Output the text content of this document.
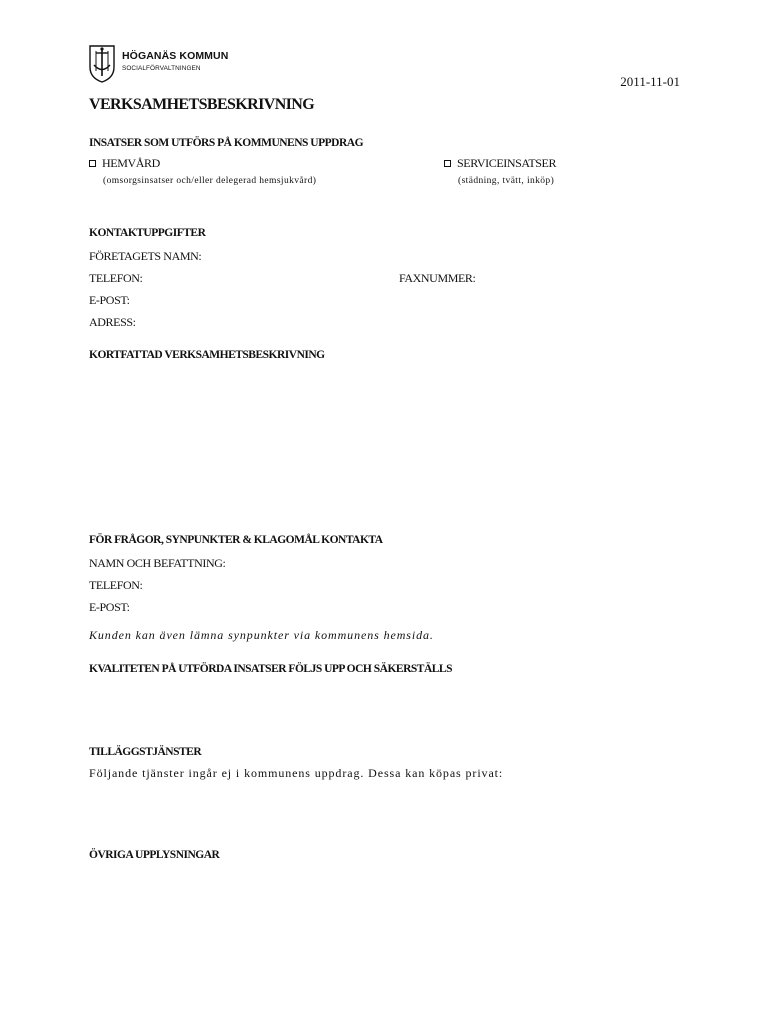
HÖGANÄS KOMMUN
SOCIALFÖRVALTNINGEN
2011-11-01
VERKSAMHETSBESKRIVNING
INSATSER SOM UTFÖRS PÅ KOMMUNENS UPPDRAG
HEMVÅRD
(omsorgsinsatser och/eller delegerad hemsjukvård)
SERVICEINSATSER
(städning, tvätt, inköp)
KONTAKTUPPGIFTER
FÖRETAGETS NAMN:
TELEFON:	FAXNUMMER:
E-POST:
ADRESS:
KORTFATTAD VERKSAMHETSBESKRIVNING
FÖR FRÅGOR, SYNPUNKTER & KLAGOMÅL KONTAKTA
NAMN OCH BEFATTNING:
TELEFON:
E-POST:
Kunden kan även lämna synpunkter via kommunens hemsida.
KVALITETEN PÅ UTFÖRDA INSATSER FÖLJS UPP OCH SÄKERSTÄLLS
TILLÄGGSTJÄNSTER
Följande tjänster ingår ej i kommunens uppdrag. Dessa kan köpas privat:
ÖVRIGA UPPLYSNINGAR
